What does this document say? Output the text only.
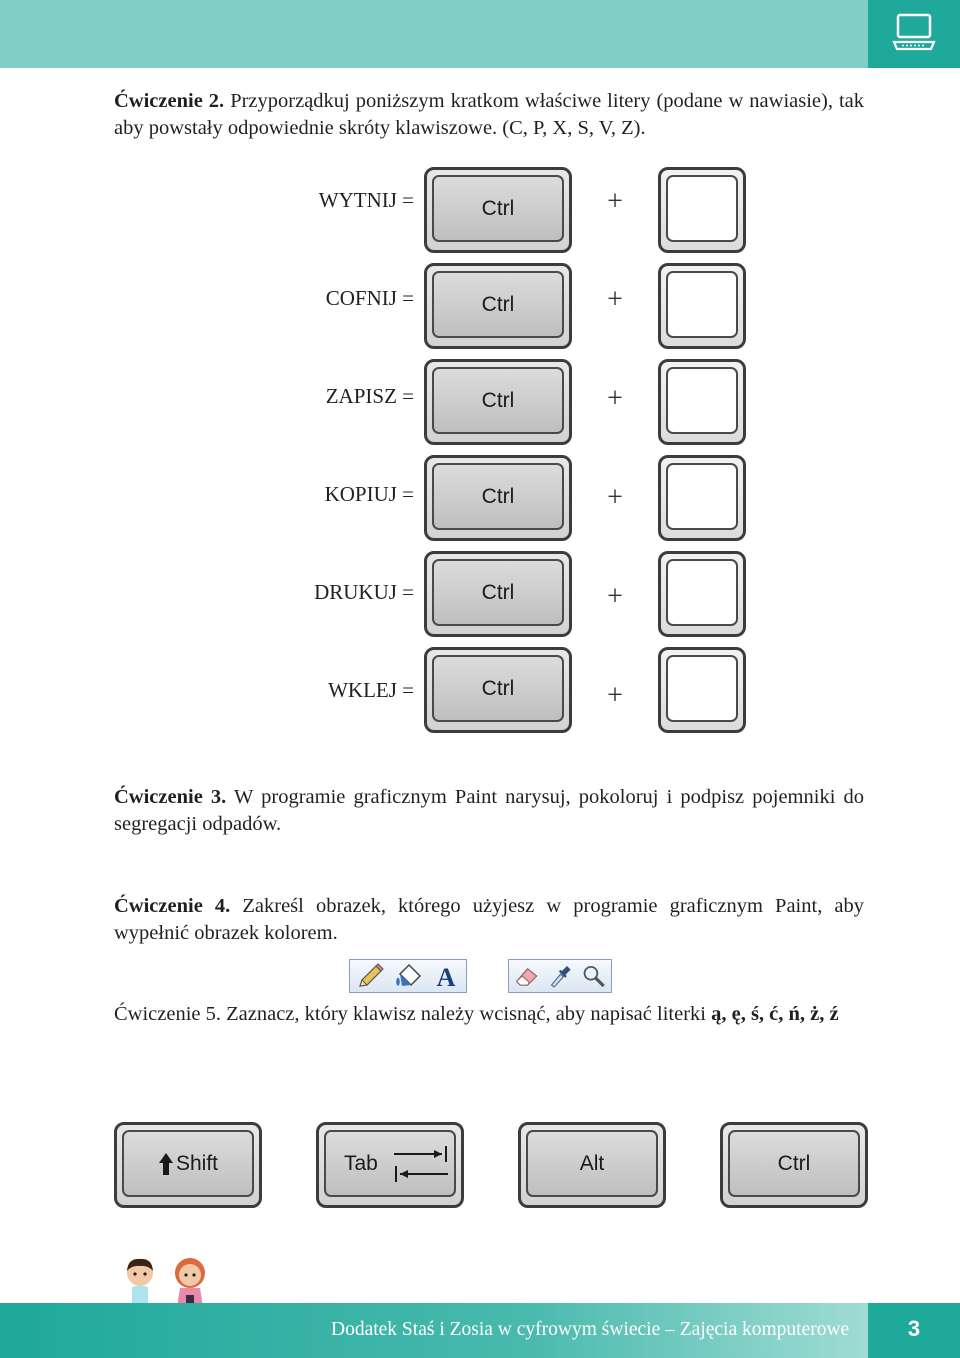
Ćwiczenie 2. Przyporządkuj poniższym kratkom właściwe litery (podane w nawiasie), tak aby powstały odpowiednie skróty klawiszowe. (C, P, X, S, V, Z).
WYTNIJ =	Ctrl	+
COFNIJ =	Ctrl	+
ZAPISZ =	Ctrl	+
KOPIUJ =	Ctrl	+
DRUKUJ =	Ctrl	+
WKLEJ =	Ctrl	+
Ćwiczenie 3. W programie graficznym Paint narysuj, pokoloruj i podpisz pojemniki do segregacji odpadów.
Ćwiczenie 4. Zakreśl obrazek, którego użyjesz w programie graficznym Paint, aby wypełnić obrazek kolorem.
A
Ćwiczenie 5. Zaznacz, który klawisz należy wcisnąć, aby napisać literki ą, ę, ś, ć, ń, ż, ź
Shift	Tab	Alt	Ctrl
Dodatek Staś i Zosia w cyfrowym świecie – Zajęcia komputerowe	3
